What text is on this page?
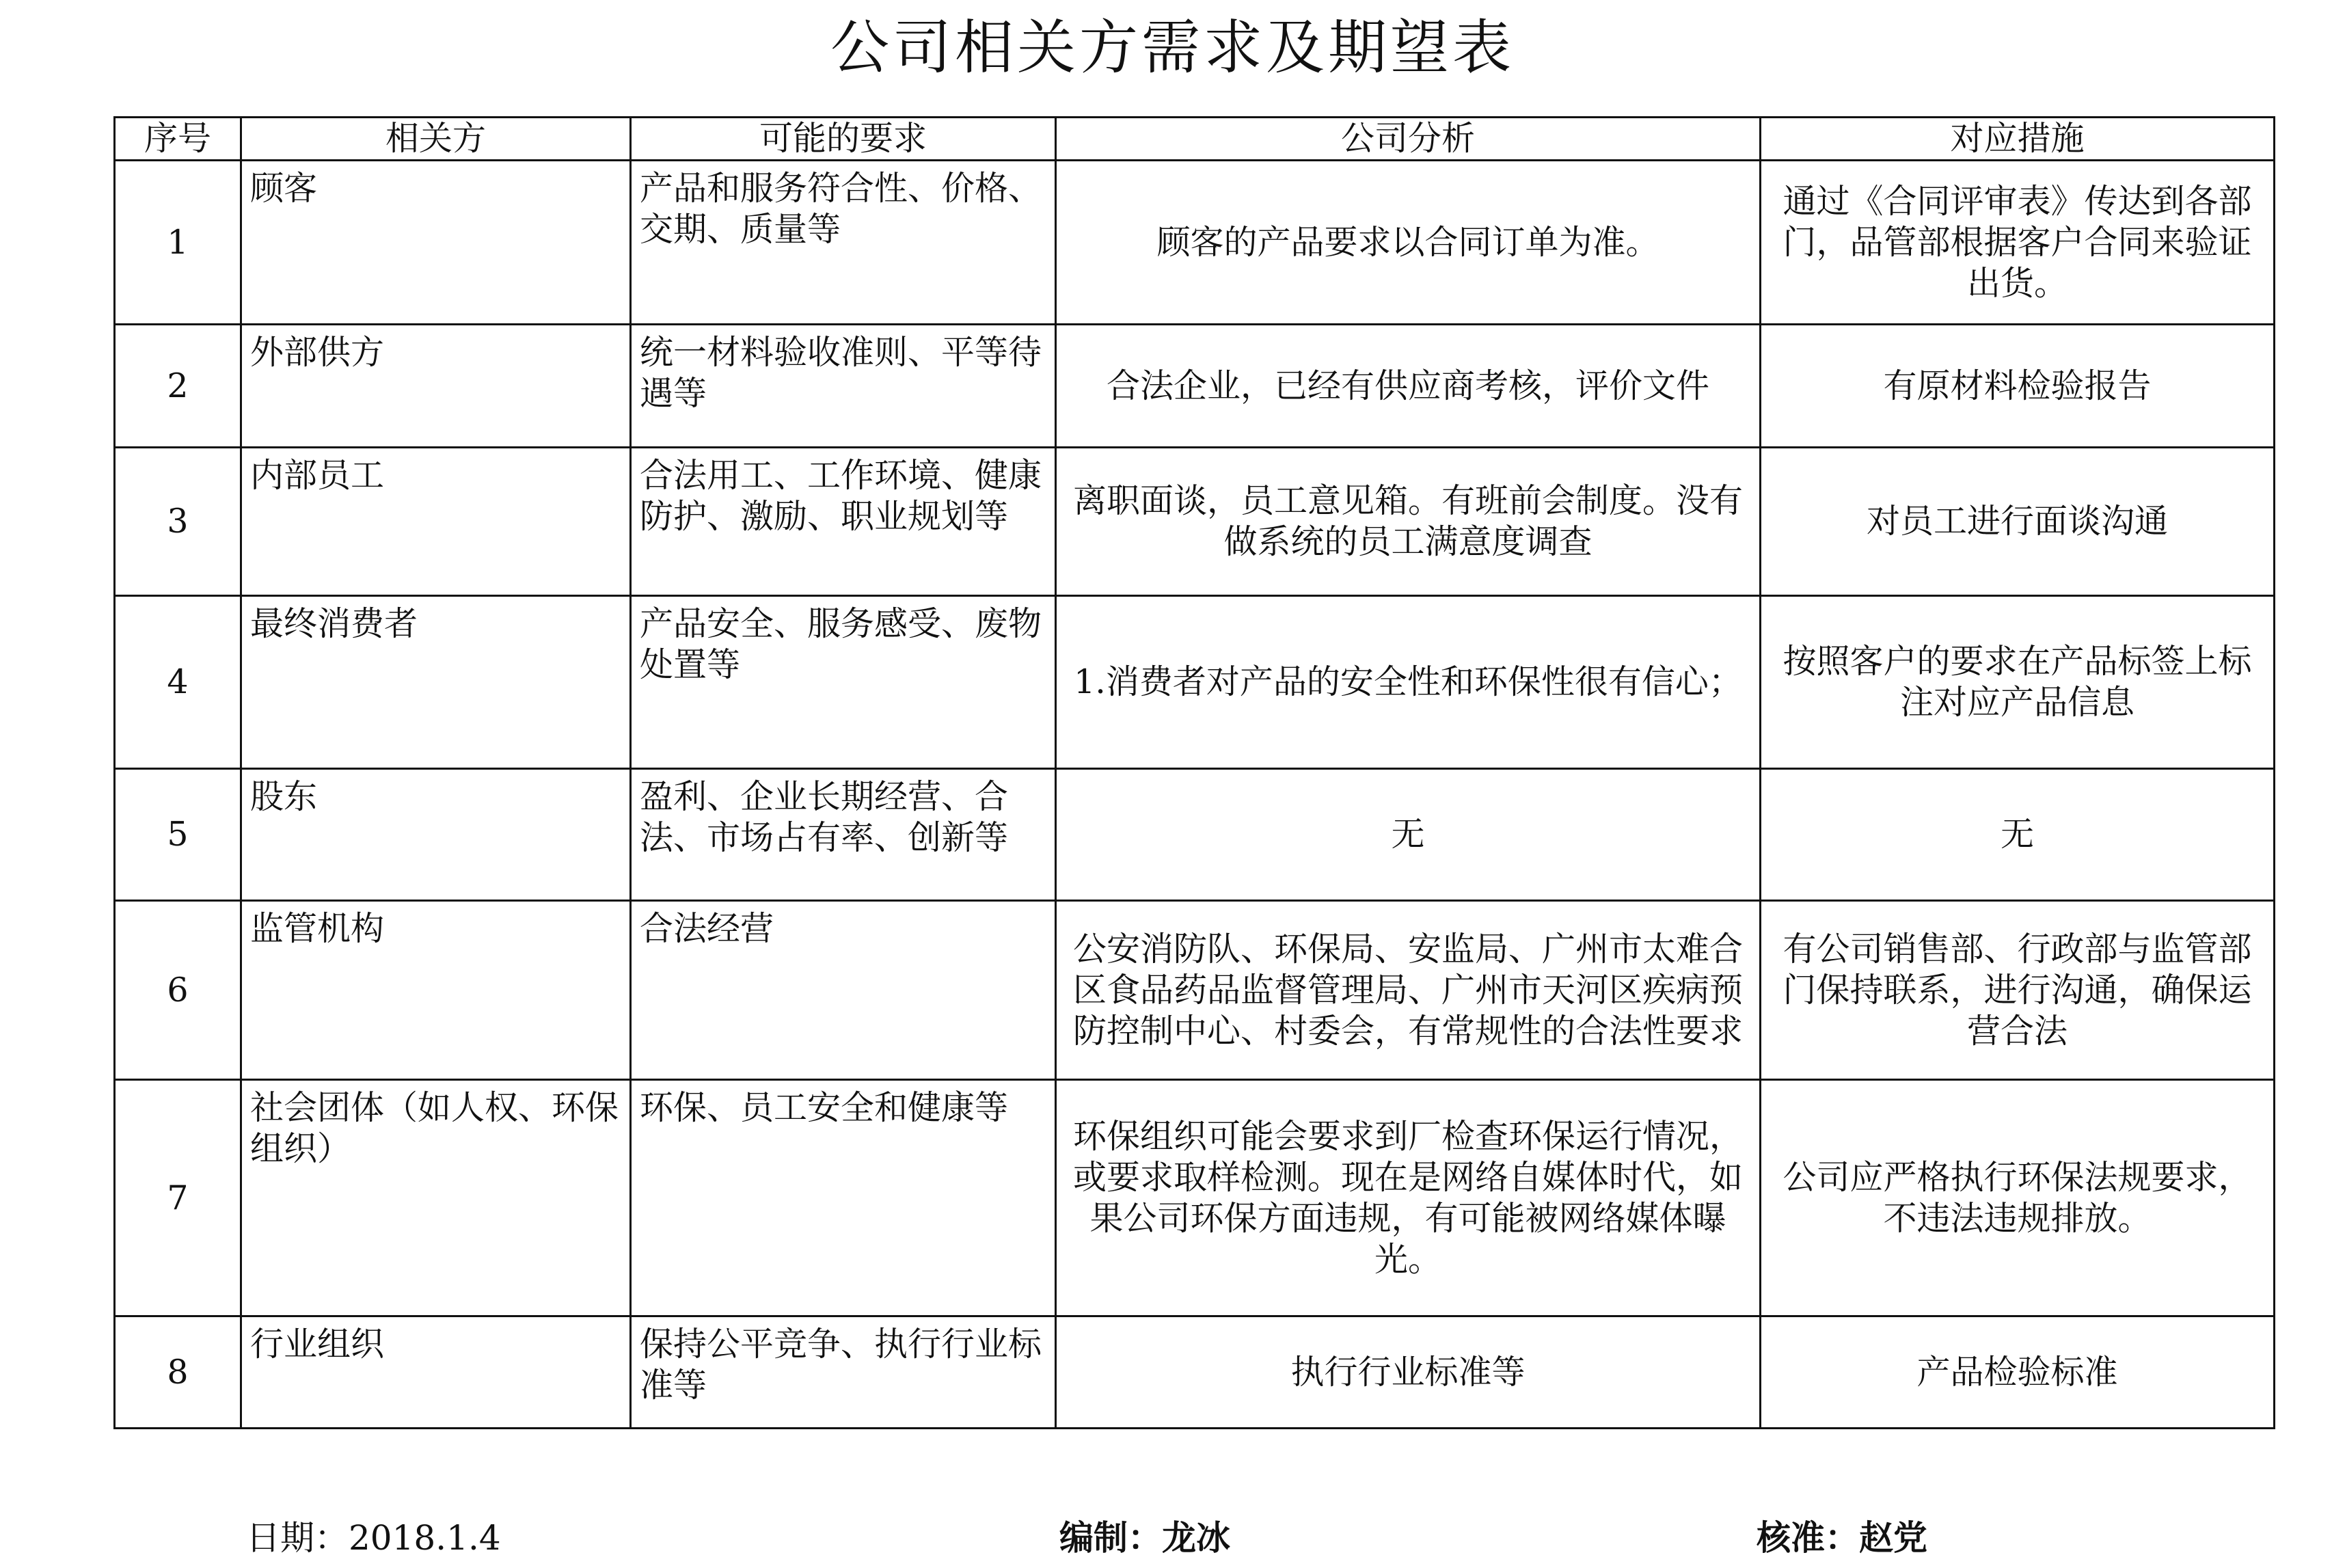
公司相关方需求及期望表
序号	相关方	可能的要求	公司分析	对应措施
1	顾客	产品和服务符合性、价格、交期、质量等	顾客的产品要求以合同订单为准。	通过《合同评审表》传达到各部门，品管部根据客户合同来验证出货。
2	外部供方	统一材料验收准则、平等待遇等	合法企业，已经有供应商考核，评价文件	有原材料检验报告
3	内部员工	合法用工、工作环境、健康防护、激励、职业规划等	离职面谈，员工意见箱。有班前会制度。没有做系统的员工满意度调查	对员工进行面谈沟通
4	最终消费者	产品安全、服务感受、废物处置等	1.消费者对产品的安全性和环保性很有信心；	按照客户的要求在产品标签上标注对应产品信息
5	股东	盈利、企业长期经营、合法、市场占有率、创新等	无	无
6	监管机构	合法经营	公安消防队、环保局、安监局、广州市太难合区食品药品监督管理局、广州市天河区疾病预防控制中心、村委会，有常规性的合法性要求	有公司销售部、行政部与监管部门保持联系，进行沟通，确保运营合法
7	社会团体（如人权、环保组织）	环保、员工安全和健康等	环保组织可能会要求到厂检查环保运行情况，或要求取样检测。现在是网络自媒体时代，如果公司环保方面违规，有可能被网络媒体曝光。	公司应严格执行环保法规要求，不违法违规排放。
8	行业组织	保持公平竞争、执行行业标准等	执行行业标准等	产品检验标准
日期：2018.1.4	编制：龙冰	核准：赵党
